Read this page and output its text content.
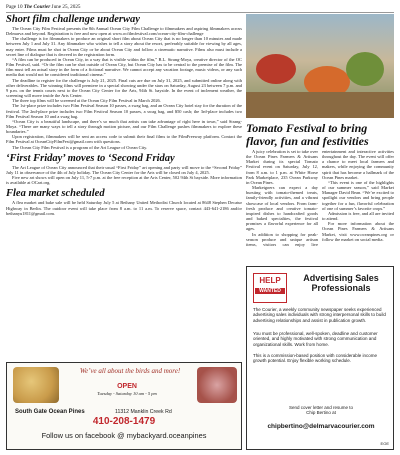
Page 10 The Courier June 25, 2025
Short film challenge underway

The Ocean City Film Festival presents the 8th Annual Ocean City Film Challenge to filmmakers and aspiring filmmakers across Delmarva and beyond. Registration is free and now open at www.ocfilmfestival.com/ocean-city-film-challenge

The challenge is for filmmakers to produce an original short film about Ocean City that is no longer than 10 minutes and made between July 1 and July 31. Any filmmaker who wishes to tell a story about the resort, preferably suitable for viewing by all ages, may enter. Films must be shot in Ocean City or be about Ocean City and follow a cinematic narrative. Films also must include a secret line of dialogue that is decreed in the registration form.

“A film can be produced in Ocean City, in a way that is visible within the film,” B.L. Strang-Moya, creative director of the OC Film Festival, said. “Or the film can be shot outside of Ocean City, but Ocean City has to be central to the premise of the film. The film must tell an actual story in the form of a fictional narrative. We cannot accept any vacation footage, music videos, or any such media that would not be considered traditional cinema.”

The deadline to register for the challenge is July 21, 2025. Final cuts are due on July 31, 2025, and submitted online along with other deliverables. The winning films will premiere in a special showing under the stars on Saturday, August 23 between 7 p.m. and 9 p.m. on the tennis courts next to the Ocean City Center for the Arts, 94th St. bayside. In the event of inclement weather, the screening will move inside the Arts Center.

The three top films will be screened at the Ocean City Film Festival in March 2026.

The 1st-place prize includes two Film Festival Season 10 passes, a swag bag, and an Ocean City hotel stay for the duration of the festival. The 2nd-place prize includes two Film Festival Season 10 passes, a swag bag, and $50 cash; the 3rd-place includes two Film Festival Season 10 and a swag bag.

“Ocean City is a beautiful landscape, and there’s so much that artists can take advantage of right here in town,” said Strang-Moya. “There are many ways to tell a story through motion picture, and our Film Challenge pushes filmmakers to explore these boundaries.”

Upon registration, filmmakers will be sent an access code to submit their final films to the FilmFreeway platform. Contact the Film Festival at OceanCityFilmFest@gmail.com with questions.

The Ocean City Film Festival is a program of the Art League of Ocean City.

‘First Friday’ moves to ‘Second Friday

The Art League of Ocean City announced that their usual “First Friday” art opening and party will move to the “Second Friday” July 11 in observance of the 4th of July holiday. The Ocean City Center for the Arts will be closed on July 4, 2025.

Five new art shows will open on July 11, 5-7 p.m. at the free reception at the Arts Center, 502 94th St bayside. More information is available at OCart.org.

Flea market scheduled

A flea market and bake sale will be held Saturday July 5 at Bethany United Methodist Church located at 8648 Stephen Decatur Highway in Berlin. The outdoor event will take place from 8 a.m. to 11 a.m. To reserve space, contact 443-641-2186 and/or bethanyu1811@gmail.com.

Tomato Festival to bring flavor, fun and festivities

A juicy celebration is set to take over the Ocean Pines Farmers & Artisans Market during its special Tomato Festival event on Saturday, July 12, from 8 a.m. to 1 p.m. at White Horse Park Marketplace, 235 Ocean Parkway in Ocean Pines.

Marketgoers can expect a day bursting with tomato-themed treats, family-friendly activities, and a vibrant showcase of local vendors. From farm-fresh produce and creative tomato-inspired dishes to handcrafted goods and baked specialties, the festival promises a flavorful experience for all ages.

In addition to shopping for peak-season produce and unique artisan items, visitors can enjoy live entertainment and interactive activities throughout the day. The event will offer a chance to meet local farmers and makers, while enjoying the community spirit that has become a hallmark of the Ocean Pines market.

“This event is one of the highlights of our summer season,” said Market Manager David Bean. “We’re excited to spotlight our vendors and bring people together for a fun, flavorful celebration of one of summer’s favorite crops.”

Admission is free, and all are invited to attend.

For more information about the Ocean Pines Farmers & Artisans Market, visit www.oceanpines.org or follow the market on social media.

We’ve all about the birds and more!
OPEN
Tuesday - Saturday 10 am - 5 pm
South Gate Ocean Pines	11312 Manklin Creek Rd
410-208-1479
Follow us on facebook @ mybackyard.oceanpines
HELP
WANTED
Advertising Sales Professionals
The Courier, a weekly community newspaper seeks experienced advertising sales individuals with strong interpersonal skills to build advertising relationships and assist in publication growth.
You must be professional, well-spoken, deadline and customer oriented, and highly motivated with strong communication and organizational skills. Work from home.
This is a commission-based position with considerable income growth potential. Enjoy flexible working schedule.
Send cover letter and resume to
Chip Bertino at
chipbertino@delmarvacourier.com
EOE
